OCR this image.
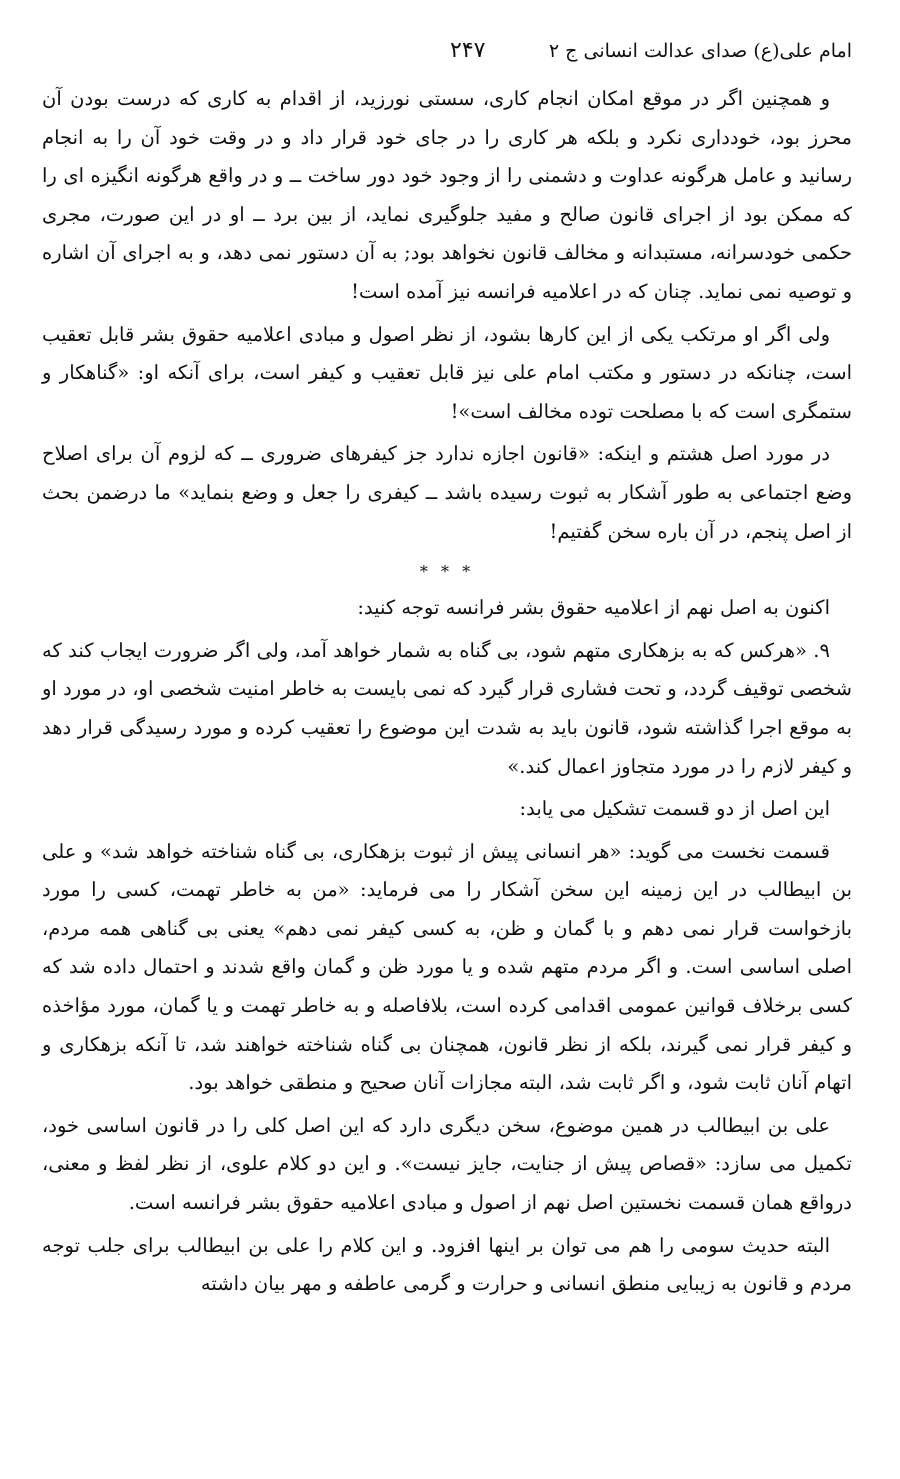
امام علی(ع) صدای عدالت انسانی ج ۲
۲۴۷

و همچنین اگر در موقع امکان انجام کاری، سستی نورزید، از اقدام به کاری که درست بودن آن محرز بود، خودداری نکرد و بلکه هر کاری را در جای خود قرار داد و در وقت خود آن را به انجام رسانید و عامل هرگونه عداوت و دشمنی را از وجود خود دور ساخت ــ و در واقع هرگونه انگیزه ای را که ممکن بود از اجرای قانون صالح و مفید جلوگیری نماید، از بین برد ــ او در این صورت، مجری حکمی خودسرانه، مستبدانه و مخالف قانون نخواهد بود; به آن دستور نمی دهد، و به اجرای آن اشاره و توصیه نمی نماید. چنان که در اعلامیه فرانسه نیز آمده است!

ولی اگر او مرتکب یکی از این کارها بشود، از نظر اصول و مبادی اعلامیه حقوق بشر قابل تعقیب است، چنانکه در دستور و مکتب امام علی نیز قابل تعقیب و کیفر است، برای آنکه او: «گناهکار و ستمگری است که با مصلحت توده مخالف است»!

در مورد اصل هشتم و اینکه: «قانون اجازه ندارد جز کیفرهای ضروری ــ که لزوم آن برای اصلاح وضع اجتماعی به طور آشکار به ثبوت رسیده باشد ــ کیفری را جعل و وضع بنماید» ما درضمن بحث از اصل پنجم، در آن باره سخن گفتیم!

* * *

اکنون به اصل نهم از اعلامیه حقوق بشر فرانسه توجه کنید:

۹. «هرکس که به بزهکاری متهم شود، بی گناه به شمار خواهد آمد، ولی اگر ضرورت ایجاب کند که شخصی توقیف گردد، و تحت فشاری قرار گیرد که نمی بایست به خاطر امنیت شخصی او، در مورد او به موقع اجرا گذاشته شود، قانون باید به شدت این موضوع را تعقیب کرده و مورد رسیدگی قرار دهد و کیفر لازم را در مورد متجاوز اعمال کند.»

این اصل از دو قسمت تشکیل می یابد:

قسمت نخست می گوید: «هر انسانی پیش از ثبوت بزهکاری، بی گناه شناخته خواهد شد» و علی بن ابیطالب در این زمینه این سخن آشکار را می فرماید: «من به خاطر تهمت، کسی را مورد بازخواست قرار نمی دهم و با گمان و ظن، به کسی کیفر نمی دهم» یعنی بی گناهی همه مردم، اصلی اساسی است. و اگر مردم متهم شده و یا مورد ظن و گمان واقع شدند و احتمال داده شد که کسی برخلاف قوانین عمومی اقدامی کرده است، بلافاصله و به خاطر تهمت و یا گمان، مورد مؤاخذه و کیفر قرار نمی گیرند، بلکه از نظر قانون، همچنان بی گناه شناخته خواهند شد، تا آنکه بزهکاری و اتهام آنان ثابت شود، و اگر ثابت شد، البته مجازات آنان صحیح و منطقی خواهد بود.

علی بن ابیطالب در همین موضوع، سخن دیگری دارد که این اصل کلی را در قانون اساسی خود، تکمیل می سازد: «قصاص پیش از جنایت، جایز نیست». و این دو کلام علوی، از نظر لفظ و معنی، درواقع همان قسمت نخستین اصل نهم از اصول و مبادی اعلامیه حقوق بشر فرانسه است.

البته حدیث سومی را هم می توان بر اینها افزود. و این کلام را علی بن ابیطالب برای جلب توجه مردم و قانون به زیبایی منطق انسانی و حرارت و گرمی عاطفه و مهر بیان داشته
